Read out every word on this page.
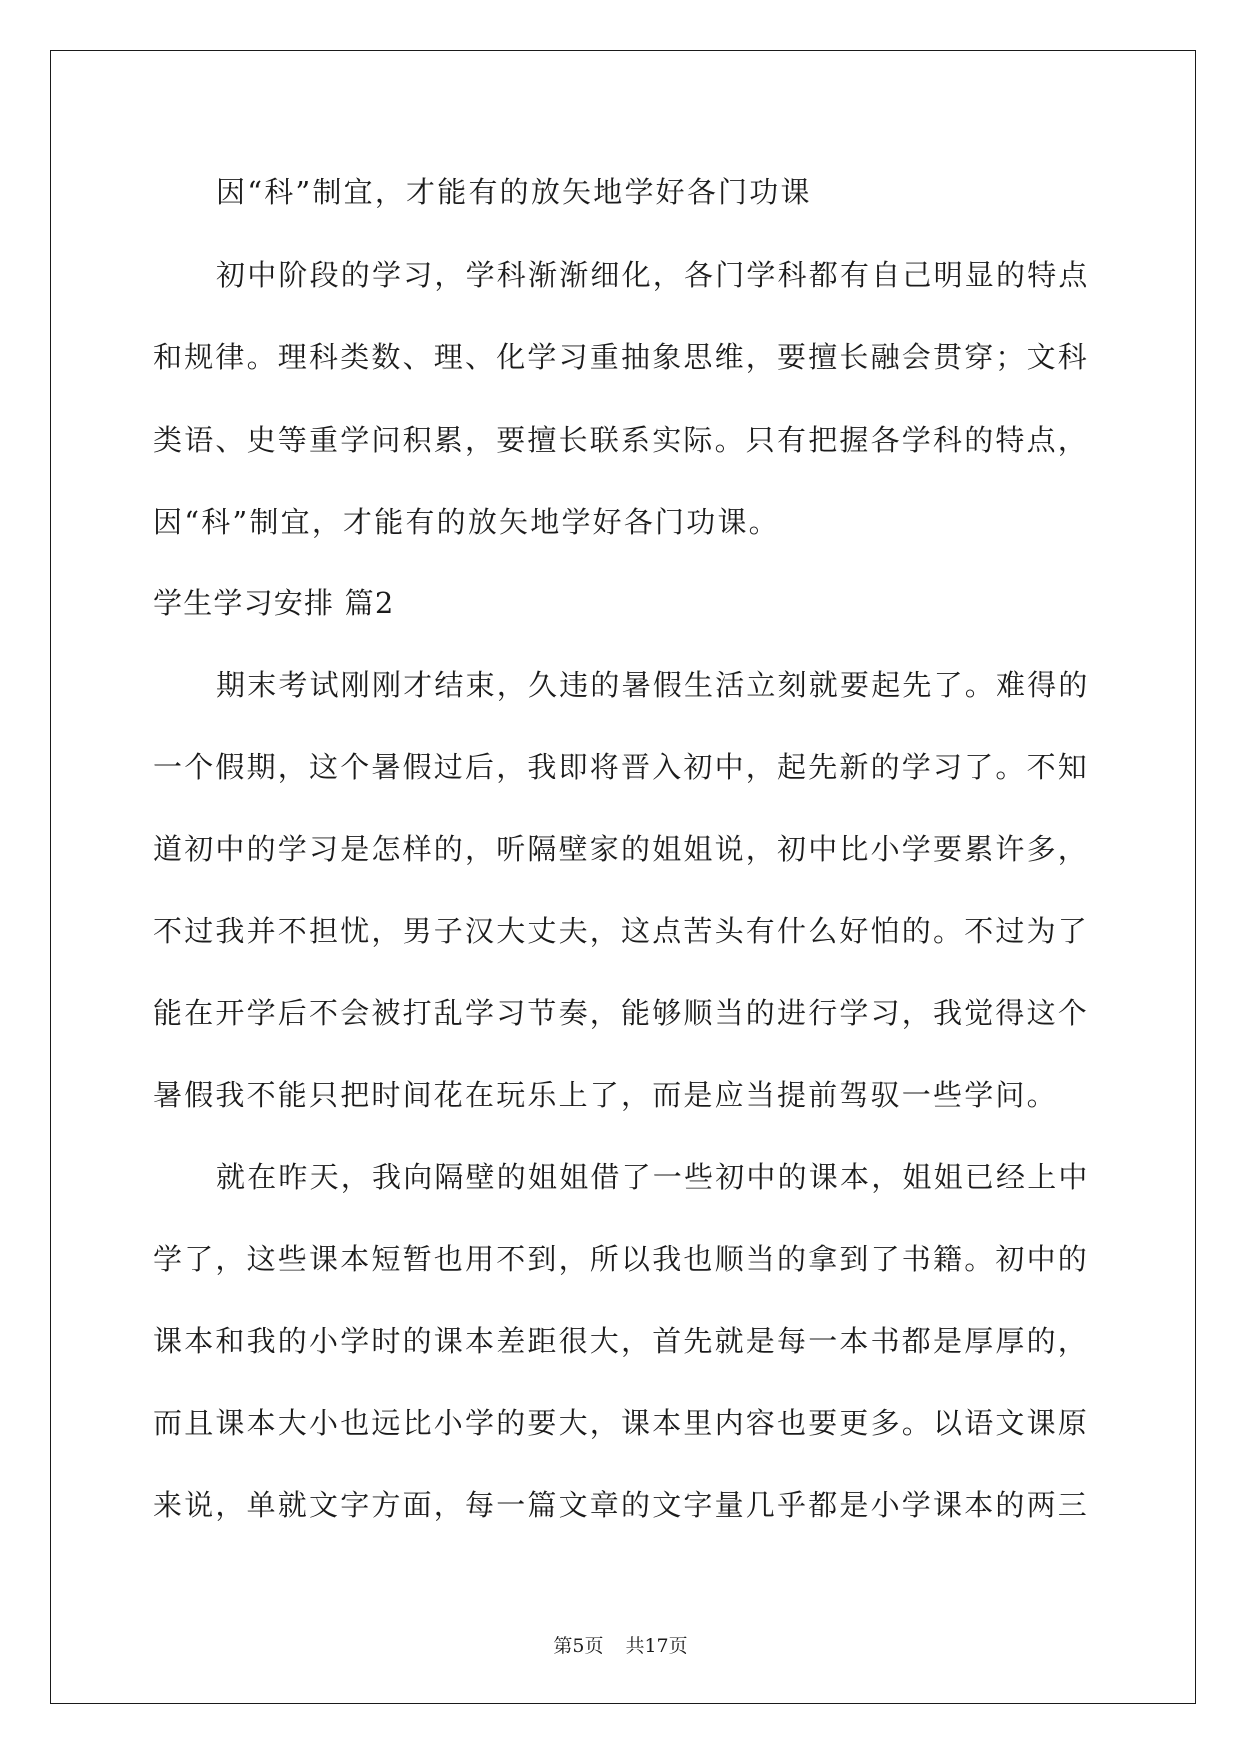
因“科”制宜，才能有的放矢地学好各门功课
初中阶段的学习，学科渐渐细化，各门学科都有自己明显的特点
和规律。理科类数、理、化学习重抽象思维，要擅长融会贯穿；文科
类语、史等重学问积累，要擅长联系实际。只有把握各学科的特点，
因“科”制宜，才能有的放矢地学好各门功课。
学生学习安排 篇2
期末考试刚刚才结束，久违的暑假生活立刻就要起先了。难得的
一个假期，这个暑假过后，我即将晋入初中，起先新的学习了。不知
道初中的学习是怎样的，听隔壁家的姐姐说，初中比小学要累许多，
不过我并不担忧，男子汉大丈夫，这点苦头有什么好怕的。不过为了
能在开学后不会被打乱学习节奏，能够顺当的进行学习，我觉得这个
暑假我不能只把时间花在玩乐上了，而是应当提前驾驭一些学问。
就在昨天，我向隔壁的姐姐借了一些初中的课本，姐姐已经上中
学了，这些课本短暂也用不到，所以我也顺当的拿到了书籍。初中的
课本和我的小学时的课本差距很大，首先就是每一本书都是厚厚的，
而且课本大小也远比小学的要大，课本里内容也要更多。以语文课原
来说，单就文字方面，每一篇文章的文字量几乎都是小学课本的两三
第5页 共17页
